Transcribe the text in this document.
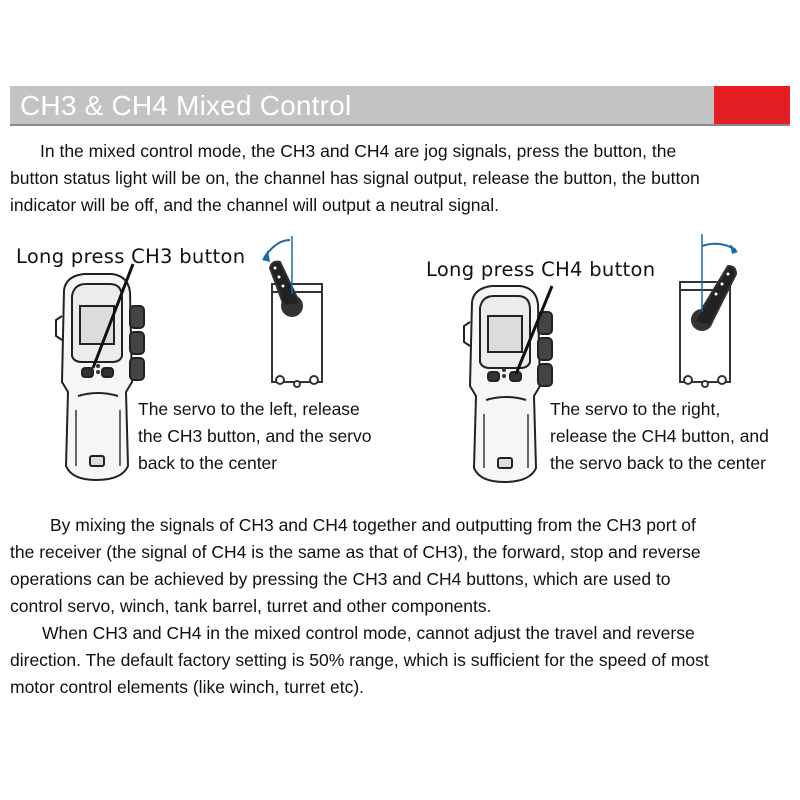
CH3 & CH4 Mixed Control

In the mixed control mode, the CH3 and CH4 are jog signals, press the button, the
button status light will be on, the channel has signal output, release the button, the button
indicator will be off, and the channel will output a neutral signal.

Long press CH3 button
The servo to the left, release
the CH3 button, and the servo
back to the center
Long press CH4 button
The servo to the right,
release the CH4 button, and
the servo back to the center

By mixing the signals of CH3 and CH4 together and outputting from the CH3 port of
the receiver (the signal of CH4 is the same as that of CH3), the forward, stop and reverse
operations can be achieved by pressing the CH3 and CH4 buttons, which are used to
control servo, winch, tank barrel, turret and other components.

When CH3 and CH4 in the mixed control mode, cannot adjust the travel and reverse
direction. The default factory setting is 50% range, which is sufficient for the speed of most
motor control elements (like winch, turret etc).
